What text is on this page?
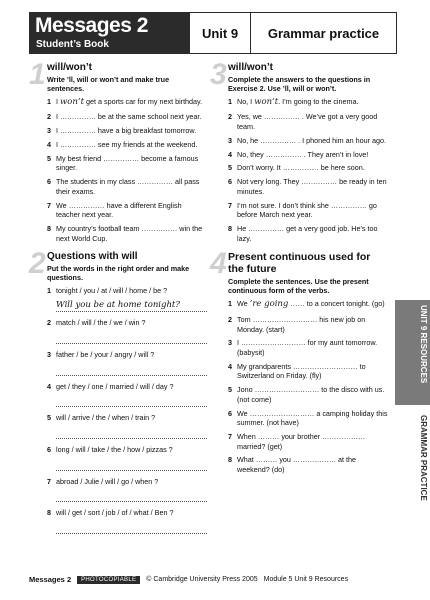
Messages 2
Student’s Book
Unit 9	Grammar practice
1 will/won’t
Write ’ll, will or won’t and make true sentences.
1 I won’t get a sports car for my next birthday.
2 I …………… be at the same school next year.
3 I …………… have a big breakfast tomorrow.
4 I …………… see my friends at the weekend.
5 My best friend …………… become a famous singer.
6 The students in my class …………… all pass their exams.
7 We …………… have a different English teacher next year.
8 My country’s football team …………… win the next World Cup.
2 Questions with will
Put the words in the right order and make questions.
1 tonight / you / at / will / home / be ?
Will you be at home tonight?
2 match / will / the / we / win ?
3 father / be / your / angry / will ?
4 get / they / one / married / will / day ?
5 will / arrive / the / when / train ?
6 long / will / take / the / how / pizzas ?
7 abroad / Julie / will / go / when ?
8 will / get / sort / job / of / what / Ben ?
3 will/won’t
Complete the answers to the questions in Exercise 2. Use ’ll, will or won’t.
1 No, I won’t. I’m going to the cinema.
2 Yes, we …………… . We’ve got a very good team.
3 No, he …………… . I phoned him an hour ago.
4 No, they …………… . They aren’t in love!
5 Don’t worry. It …………… be here soon.
6 Not very long. They …………… be ready in ten minutes.
7 I’m not sure. I don’t think she …………… go before March next year.
8 He …………… get a very good job. He’s too lazy.
4 Present continuous used for the future
Complete the sentences. Use the present continuous form of the verbs.
1 We ’re going …… to a concert tonight. (go)
2 Tom ……………………… his new job on Monday. (start)
3 I ……………………… for my aunt tomorrow. (babysit)
4 My grandparents ……………………… to Switzerland on Friday. (fly)
5 Jono ……………………… to the disco with us. (not come)
6 We ……………………… a camping holiday this summer. (not have)
7 When ……… your brother ……………… married? (get)
8 What ……… you ……………… at the weekend? (do)
UNIT 9 RESOURCES
GRAMMAR PRACTICE
Messages 2	PHOTOCOPIABLE	© Cambridge University Press 2005 Module 5 Unit 9 Resources
